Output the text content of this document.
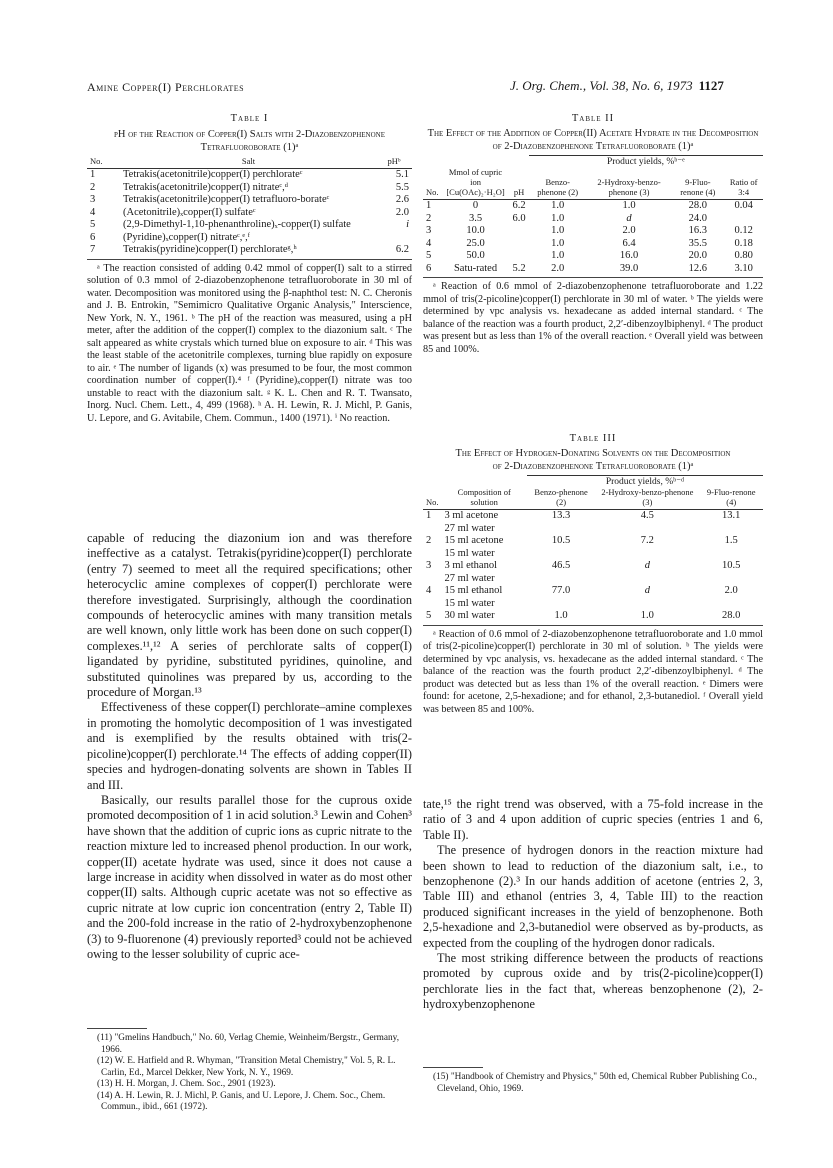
Amine Copper(I) Perchlorates	J. Org. Chem., Vol. 38, No. 6, 1973 1127
Table I
pH of the Reaction of Copper(I) Salts with 2-Diazobenzophenone Tetrafluoroborate (1)ᵃ
No.	Salt	pHᵇ

1	Tetrakis(acetonitrile)copper(I) perchlorateᶜ	5.1
2	Tetrakis(acetonitrile)copper(I) nitrateᶜ,ᵈ	5.5
3	Tetrakis(acetonitrile)copper(I) tetrafluoro-borateᶜ	2.6
4	(Acetonitrile)ₓcopper(I) sulfateᶜ	2.0
5	(2,9-Dimethyl-1,10-phenanthroline)ₓ-copper(I) sulfate	i
6	(Pyridine)ₓcopper(I) nitrateᶜ,ᵉ,ᶠ	
7	Tetrakis(pyridine)copper(I) perchlorateᵍ,ʰ	6.2
ᵃ The reaction consisted of adding 0.42 mmol of copper(I) salt to a stirred solution of 0.3 mmol of 2-diazobenzophenone tetrafluoroborate in 30 ml of water. Decomposition was monitored using the β-naphthol test: N. C. Cheronis and J. B. Entrokin, "Semimicro Qualitative Organic Analysis," Interscience, New York, N. Y., 1961. ᵇ The pH of the reaction was measured, using a pH meter, after the addition of the copper(I) complex to the diazonium salt. ᶜ The salt appeared as white crystals which turned blue on exposure to air. ᵈ This was the least stable of the acetonitrile complexes, turning blue rapidly on exposure to air. ᵉ The number of ligands (x) was presumed to be four, the most common coordination number of copper(I).⁴ ᶠ (Pyridine)ₓcopper(I) nitrate was too unstable to react with the diazonium salt. ᵍ K. L. Chen and R. T. Twansato, Inorg. Nucl. Chem. Lett., 4, 499 (1968). ʰ A. H. Lewin, R. J. Michl, P. Ganis, U. Lepore, and G. Avitabile, Chem. Commun., 1400 (1971). ⁱ No reaction.

capable of reducing the diazonium ion and was therefore ineffective as a catalyst. Tetrakis(pyridine)copper(I) perchlorate (entry 7) seemed to meet all the required specifications; other heterocyclic amine complexes of copper(I) perchlorate were therefore investigated. Surprisingly, although the coordination compounds of heterocyclic amines with many transition metals are well known, only little work has been done on such copper(I) complexes.¹¹,¹² A series of perchlorate salts of copper(I) ligandated by pyridine, substituted pyridines, quinoline, and substituted quinolines was prepared by us, according to the procedure of Morgan.¹³

Effectiveness of these copper(I) perchlorate–amine complexes in promoting the homolytic decomposition of 1 was investigated and is exemplified by the results obtained with tris(2-picoline)copper(I) perchlorate.¹⁴ The effects of adding copper(II) species and hydrogen-donating solvents are shown in Tables II and III.

Basically, our results parallel those for the cuprous oxide promoted decomposition of 1 in acid solution.³ Lewin and Cohen³ have shown that the addition of cupric ions as cupric nitrate to the reaction mixture led to increased phenol production. In our work, copper(II) acetate hydrate was used, since it does not cause a large increase in acidity when dissolved in water as do most other copper(II) salts. Although cupric acetate was not so effective as cupric nitrate at low cupric ion concentration (entry 2, Table II) and the 200-fold increase in the ratio of 2-hydroxybenzophenone (3) to 9-fluorenone (4) previously reported³ could not be achieved owing to the lesser solubility of cupric ace-

(11) "Gmelins Handbuch," No. 60, Verlag Chemie, Weinheim/Bergstr., Germany, 1966.

(12) W. E. Hatfield and R. Whyman, "Transition Metal Chemistry," Vol. 5, R. L. Carlin, Ed., Marcel Dekker, New York, N. Y., 1969.

(13) H. H. Morgan, J. Chem. Soc., 2901 (1923).

(14) A. H. Lewin, R. J. Michl, P. Ganis, and U. Lepore, J. Chem. Soc., Chem. Commun., ibid., 661 (1972).

Table II
The Effect of the Addition of Copper(II) Acetate Hydrate in the Decomposition of 2-Diazobenzophenone Tetrafluoroborate (1)ᵃ
			Product yields, %ᵇ⁻ᵉ			
No.	Mmol of cupric ion [Cu(OAc)₂·H₂O]	pH	Benzo-phenone (2)	2-Hydroxy-benzo-phenone (3)	9-Fluo-renone (4)	Ratio of 3:4

1	0	6.2	1.0	1.0	28.0	0.04
2	3.5	6.0	1.0	d	24.0	
3	10.0		1.0	2.0	16.3	0.12
4	25.0		1.0	6.4	35.5	0.18
5	50.0		1.0	16.0	20.0	0.80
6	Satu-rated	5.2	2.0	39.0	12.6	3.10
ᵃ Reaction of 0.6 mmol of 2-diazobenzophenone tetrafluoroborate and 1.22 mmol of tris(2-picoline)copper(I) perchlorate in 30 ml of water. ᵇ The yields were determined by vpc analysis vs. hexadecane as added internal standard. ᶜ The balance of the reaction was a fourth product, 2,2′-dibenzoylbiphenyl. ᵈ The product was present but as less than 1% of the overall reaction. ᵉ Overall yield was between 85 and 100%.
Table III
The Effect of Hydrogen-Donating Solvents on the Decomposition of 2-Diazobenzophenone Tetrafluoroborate (1)ᵃ
		Product yields, %ᵇ⁻ᵈ		
No.	Composition of solution	Benzo-phenone (2)	2-Hydroxy-benzo-phenone (3)	9-Fluo-renone (4)

1	3 ml acetone
27 ml water	13.3	4.5	13.1
2	15 ml acetone
15 ml water	10.5	7.2	1.5
3	3 ml ethanol
27 ml water	46.5	d	10.5
4	15 ml ethanol
15 ml water	77.0	d	2.0
5	30 ml water	1.0	1.0	28.0
ᵃ Reaction of 0.6 mmol of 2-diazobenzophenone tetrafluoroborate and 1.0 mmol of tris(2-picoline)copper(I) perchlorate in 30 ml of solution. ᵇ The yields were determined by vpc analysis, vs. hexadecane as the added internal standard. ᶜ The balance of the reaction was the fourth product 2,2′-dibenzoylbiphenyl. ᵈ The product was detected but as less than 1% of the overall reaction. ᵉ Dimers were found: for acetone, 2,5-hexadione; and for ethanol, 2,3-butanediol. ᶠ Overall yield was between 85 and 100%.

tate,¹⁵ the right trend was observed, with a 75-fold increase in the ratio of 3 and 4 upon addition of cupric species (entries 1 and 6, Table II).

The presence of hydrogen donors in the reaction mixture had been shown to lead to reduction of the diazonium salt, i.e., to benzophenone (2).³ In our hands addition of acetone (entries 2, 3, Table III) and ethanol (entries 3, 4, Table III) to the reaction produced significant increases in the yield of benzophenone. Both 2,5-hexadione and 2,3-butanediol were observed as by-products, as expected from the coupling of the hydrogen donor radicals.

The most striking difference between the products of reactions promoted by cuprous oxide and by tris(2-picoline)copper(I) perchlorate lies in the fact that, whereas benzophenone (2), 2-hydroxybenzophenone

(15) "Handbook of Chemistry and Physics," 50th ed, Chemical Rubber Publishing Co., Cleveland, Ohio, 1969.
